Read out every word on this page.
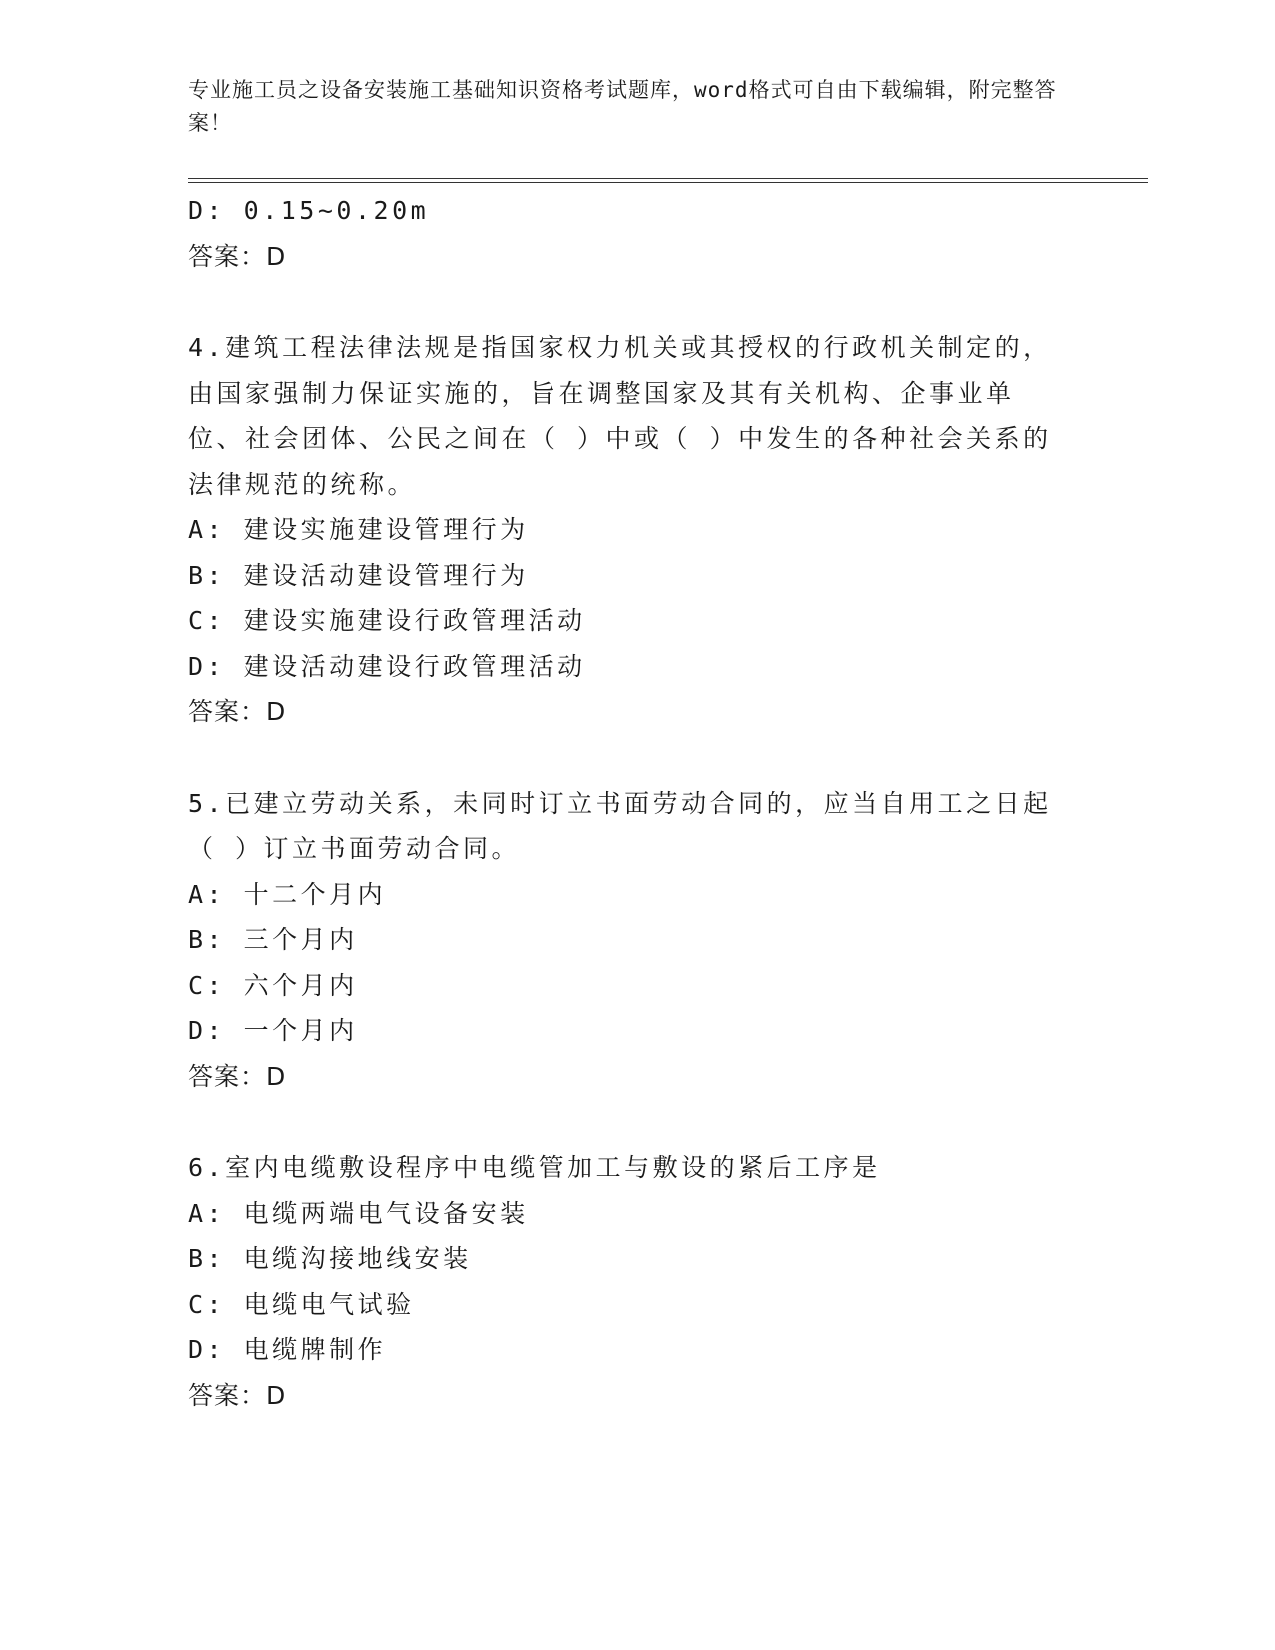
专业施工员之设备安装施工基础知识资格考试题库，word格式可自由下载编辑，附完整答案！
D: 0.15~0.20m
答案：D
4.建筑工程法律法规是指国家权力机关或其授权的行政机关制定的，由国家强制力保证实施的，旨在调整国家及其有关机构、企事业单位、社会团体、公民之间在（ ）中或（ ）中发生的各种社会关系的法律规范的统称。
A: 建设实施建设管理行为
B: 建设活动建设管理行为
C: 建设实施建设行政管理活动
D: 建设活动建设行政管理活动
答案：D
5.已建立劳动关系，未同时订立书面劳动合同的，应当自用工之日起（ ）订立书面劳动合同。
A: 十二个月内
B: 三个月内
C: 六个月内
D: 一个月内
答案：D
6.室内电缆敷设程序中电缆管加工与敷设的紧后工序是
A: 电缆两端电气设备安装
B: 电缆沟接地线安装
C: 电缆电气试验
D: 电缆牌制作
答案：D
